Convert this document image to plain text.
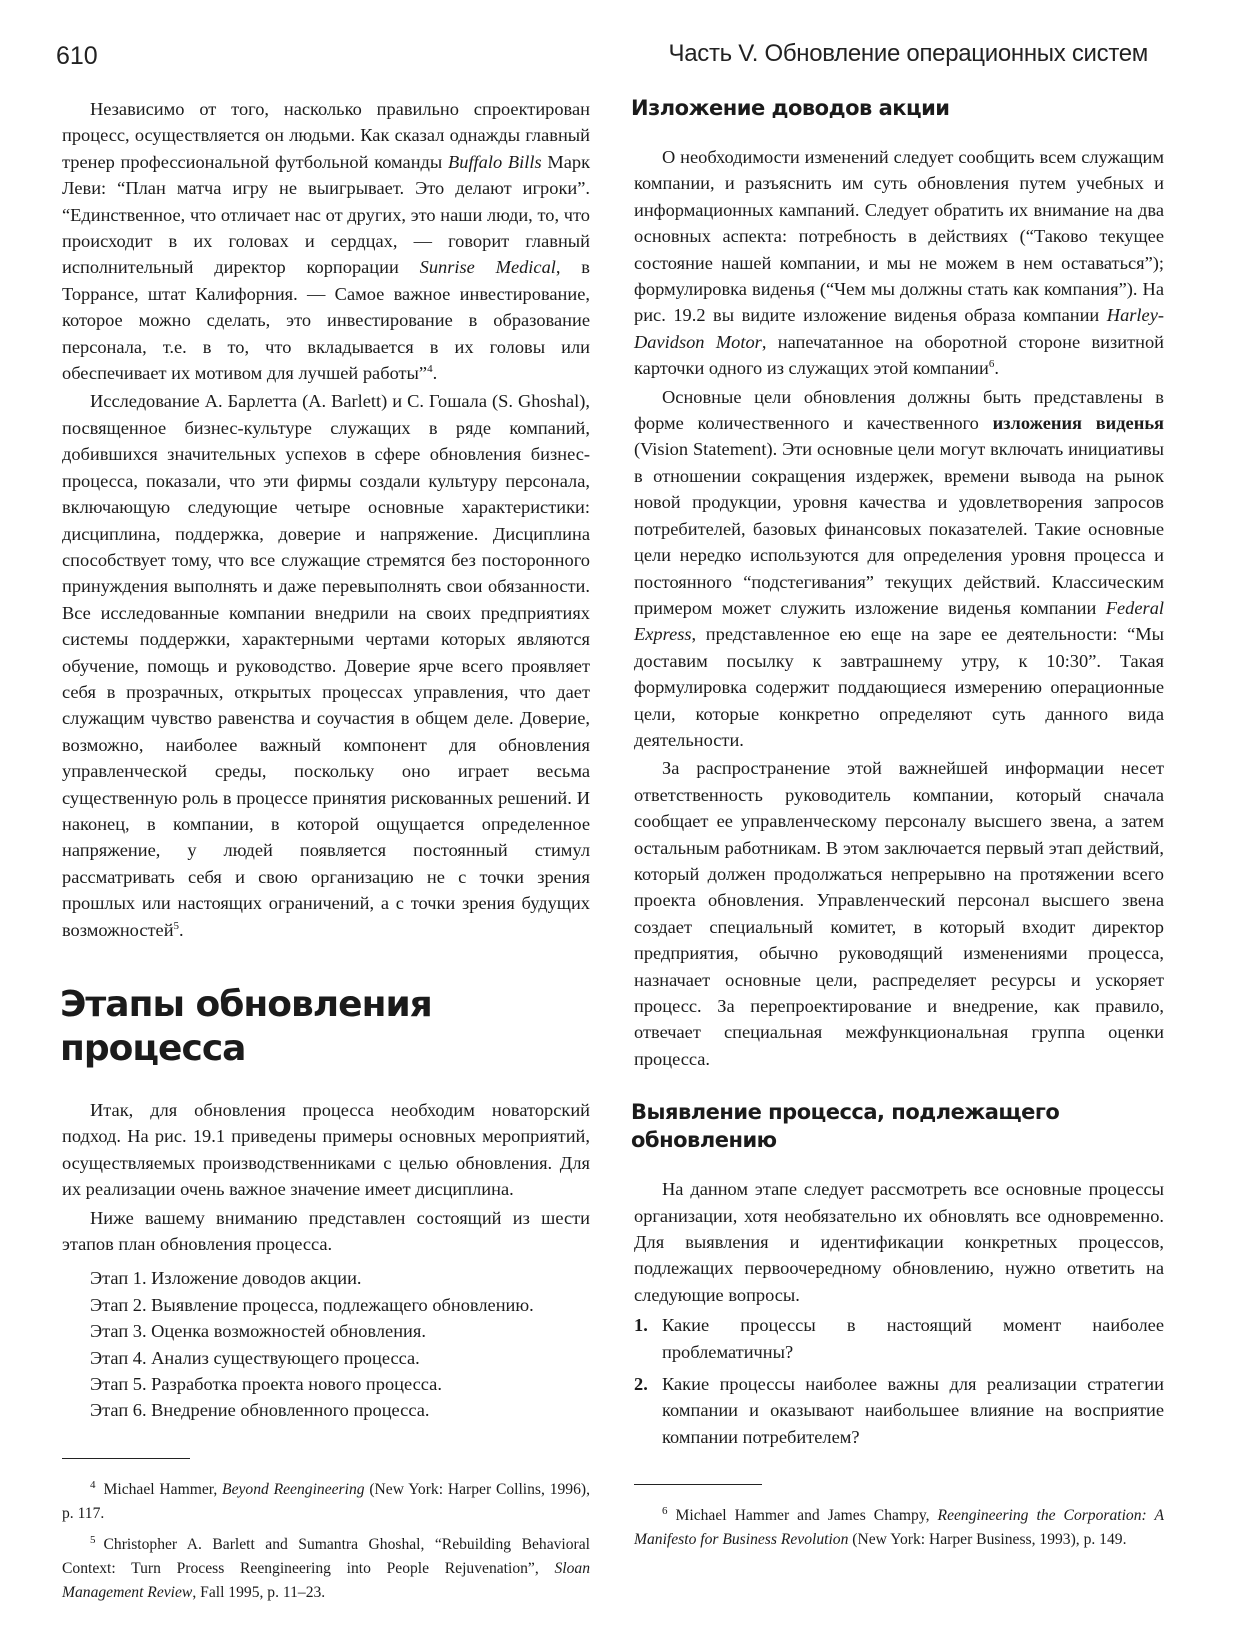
610	Часть V. Обновление операционных систем

Независимо от того, насколько правильно спроектирован процесс, осуществляется он людьми. Как сказал однажды главный тренер профессиональной футбольной команды Buffalo Bills Марк Леви: “План матча игру не выигрывает. Это делают игроки”. “Единственное, что отличает нас от других, это наши люди, то, что происходит в их головах и сердцах, — говорит главный исполнительный директор корпорации Sunrise Medical, в Торрансе, штат Калифорния. — Самое важное инвестирование, которое можно сделать, это инвестирование в образование персонала, т.е. в то, что вкладывается в их головы или обеспечивает их мотивом для лучшей работы”$^4$.

Исследование А. Барлетта (A. Barlett) и С. Гошала (S. Ghoshal), посвященное бизнес-культуре служащих в ряде компаний, добившихся значительных успехов в сфере обновления бизнес-процесса, показали, что эти фирмы создали культуру персонала, включающую следующие четыре основные характеристики: дисциплина, поддержка, доверие и напряжение. Дисциплина способствует тому, что все служащие стремятся без посторонного принуждения выполнять и даже перевыполнять свои обязанности. Все исследованные компании внедрили на своих предприятиях системы поддержки, характерными чертами которых являются обучение, помощь и руководство. Доверие ярче всего проявляет себя в прозрачных, открытых процессах управления, что дает служащим чувство равенства и соучастия в общем деле. Доверие, возможно, наиболее важный компонент для обновления управленческой среды, поскольку оно играет весьма существенную роль в процессе принятия рискованных решений. И наконец, в компании, в которой ощущается определенное напряжение, у людей появляется постоянный стимул рассматривать себя и свою организацию не с точки зрения прошлых или настоящих ограничений, а с точки зрения будущих возможностей$^5$.

Этапы обновления процесса

Итак, для обновления процесса необходим новаторский подход. На рис. 19.1 приведены примеры основных мероприятий, осуществляемых производственниками с целью обновления. Для их реализации очень важное значение имеет дисциплина.

Ниже вашему вниманию представлен состоящий из шести этапов план обновления процесса.

Этап 1. Изложение доводов акции.
Этап 2. Выявление процесса, подлежащего обновлению.
Этап 3. Оценка возможностей обновления.
Этап 4. Анализ существующего процесса.
Этап 5. Разработка проекта нового процесса.
Этап 6. Внедрение обновленного процесса.

$^4$ Michael Hammer, Beyond Reengineering (New York: Harper Collins, 1996), p. 117.

$^5$ Christopher A. Barlett and Sumantra Ghoshal, “Rebuilding Behavioral Context: Turn Process Reengineering into People Rejuvenation”, Sloan Management Review, Fall 1995, p. 11–23.

Изложение доводов акции

О необходимости изменений следует сообщить всем служащим компании, и разъяснить им суть обновления путем учебных и информационных кампаний. Следует обратить их внимание на два основных аспекта: потребность в действиях (“Таково текущее состояние нашей компании, и мы не можем в нем оставаться”); формулировка виденья (“Чем мы должны стать как компания”). На рис. 19.2 вы видите изложение виденья образа компании Harley-Davidson Motor, напечатанное на оборотной стороне визитной карточки одного из служащих этой компании$^6$.

Основные цели обновления должны быть представлены в форме количественного и качественного изложения виденья (Vision Statement). Эти основные цели могут включать инициативы в отношении сокращения издержек, времени вывода на рынок новой продукции, уровня качества и удовлетворения запросов потребителей, базовых финансовых показателей. Такие основные цели нередко используются для определения уровня процесса и постоянного “подстегивания” текущих действий. Классическим примером может служить изложение виденья компании Federal Express, представленное ею еще на заре ее деятельности: “Мы доставим посылку к завтрашнему утру, к 10:30”. Такая формулировка содержит поддающиеся измерению операционные цели, которые конкретно определяют суть данного вида деятельности.

За распространение этой важнейшей информации несет ответственность руководитель компании, который сначала сообщает ее управленческому персоналу высшего звена, а затем остальным работникам. В этом заключается первый этап действий, который должен продолжаться непрерывно на протяжении всего проекта обновления. Управленческий персонал высшего звена создает специальный комитет, в который входит директор предприятия, обычно руководящий изменениями процесса, назначает основные цели, распределяет ресурсы и ускоряет процесс. За перепроектирование и внедрение, как правило, отвечает специальная межфункциональная группа оценки процесса.

Выявление процесса, подлежащего обновлению

На данном этапе следует рассмотреть все основные процессы организации, хотя необязательно их обновлять все одновременно. Для выявления и идентификации конкретных процессов, подлежащих первоочередному обновлению, нужно ответить на следующие вопросы.

1. Какие процессы в настоящий момент наиболее проблематичны?
2. Какие процессы наиболее важны для реализации стратегии компании и оказывают наибольшее влияние на восприятие компании потребителем?

$^6$ Michael Hammer and James Champy, Reengineering the Corporation: A Manifesto for Business Revolution (New York: Harper Business, 1993), p. 149.
